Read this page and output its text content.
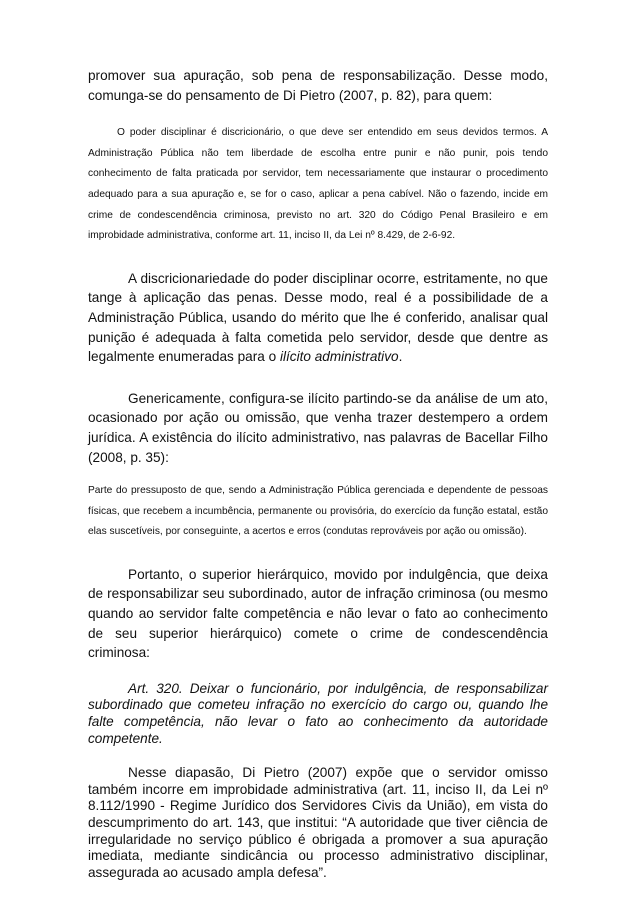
promover sua apuração, sob pena de responsabilização. Desse modo, comunga-se do pensamento de Di Pietro (2007, p. 82), para quem:

O poder disciplinar é discricionário, o que deve ser entendido em seus devidos termos. A Administração Pública não tem liberdade de escolha entre punir e não punir, pois tendo conhecimento de falta praticada por servidor, tem necessariamente que instaurar o procedimento adequado para a sua apuração e, se for o caso, aplicar a pena cabível. Não o fazendo, incide em crime de condescendência criminosa, previsto no art. 320 do Código Penal Brasileiro e em improbidade administrativa, conforme art. 11, inciso II, da Lei nº 8.429, de 2-6-92.

A discricionariedade do poder disciplinar ocorre, estritamente, no que tange à aplicação das penas. Desse modo, real é a possibilidade de a Administração Pública, usando do mérito que lhe é conferido, analisar qual punição é adequada à falta cometida pelo servidor, desde que dentre as legalmente enumeradas para o ilícito administrativo.

Genericamente, configura-se ilícito partindo-se da análise de um ato, ocasionado por ação ou omissão, que venha trazer destempero a ordem jurídica. A existência do ilícito administrativo, nas palavras de Bacellar Filho (2008, p. 35):

Parte do pressuposto de que, sendo a Administração Pública gerenciada e dependente de pessoas físicas, que recebem a incumbência, permanente ou provisória, do exercício da função estatal, estão elas suscetíveis, por conseguinte, a acertos e erros (condutas reprováveis por ação ou omissão).

Portanto, o superior hierárquico, movido por indulgência, que deixa de responsabilizar seu subordinado, autor de infração criminosa (ou mesmo quando ao servidor falte competência e não levar o fato ao conhecimento de seu superior hierárquico) comete o crime de condescendência criminosa:

Art. 320. Deixar o funcionário, por indulgência, de responsabilizar subordinado que cometeu infração no exercício do cargo ou, quando lhe falte competência, não levar o fato ao conhecimento da autoridade competente.

Nesse diapasão, Di Pietro (2007) expõe que o servidor omisso também incorre em improbidade administrativa (art. 11, inciso II, da Lei nº 8.112/1990 - Regime Jurídico dos Servidores Civis da União), em vista do descumprimento do art. 143, que institui: “A autoridade que tiver ciência de irregularidade no serviço público é obrigada a promover a sua apuração imediata, mediante sindicância ou processo administrativo disciplinar, assegurada ao acusado ampla defesa”.
